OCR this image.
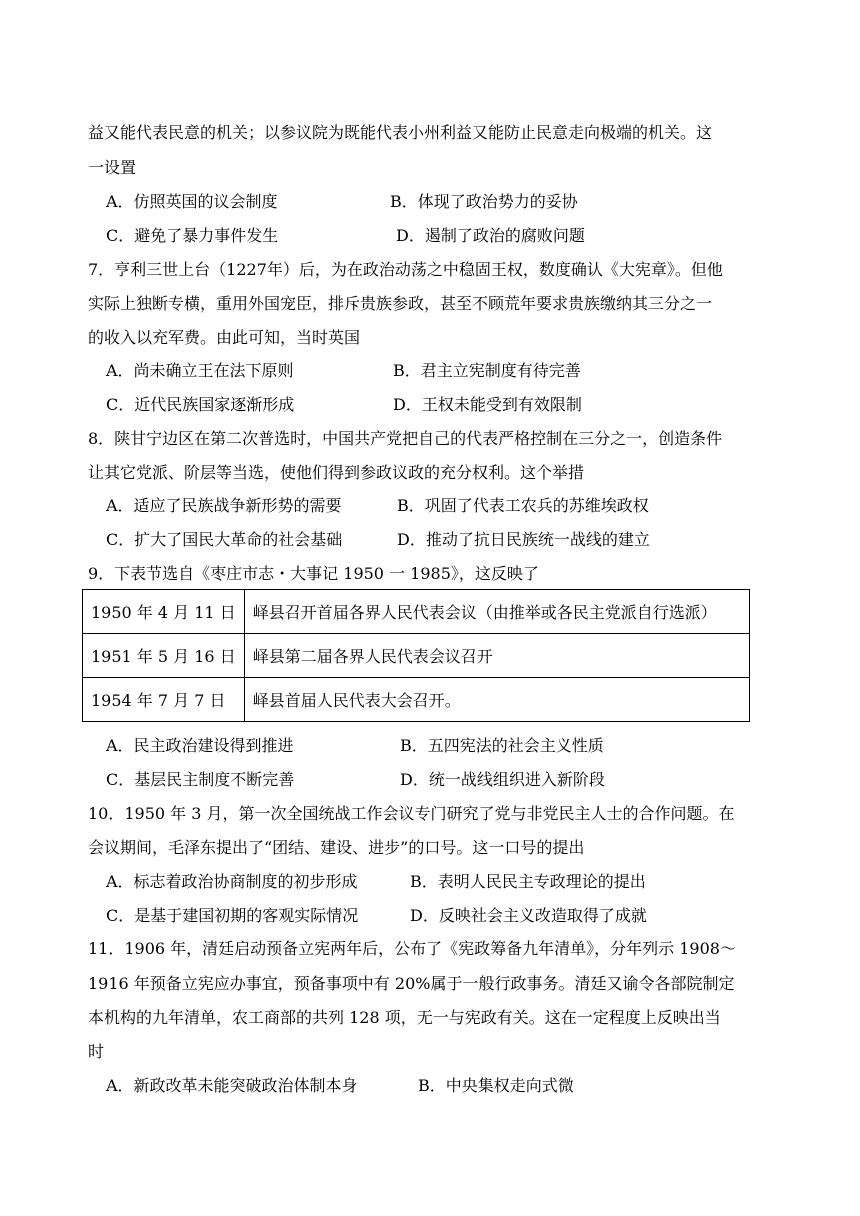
益又能代表民意的机关；以参议院为既能代表小州利益又能防止民意走向极端的机关。这
一设置
A．仿照英国的议会制度	B．体现了政治势力的妥协
C．避免了暴力事件发生	D．遏制了政治的腐败问题
7．亨利三世上台（1227年）后，为在政治动荡之中稳固王权，数度确认《大宪章》。但他
实际上独断专横，重用外国宠臣，排斥贵族参政，甚至不顾荒年要求贵族缴纳其三分之一
的收入以充军费。由此可知，当时英国
A．尚未确立王在法下原则	B．君主立宪制度有待完善
C．近代民族国家逐渐形成	D．王权未能受到有效限制
8．陕甘宁边区在第二次普选时，中国共产党把自己的代表严格控制在三分之一，创造条件
让其它党派、阶层等当选，使他们得到参政议政的充分权利。这个举措
A．适应了民族战争新形势的需要	B．巩固了代表工农兵的苏维埃政权
C．扩大了国民大革命的社会基础	D．推动了抗日民族统一战线的建立
9．下表节选自《枣庄市志・大事记 1950 一 1985》，这反映了
1950 年 4 月 11 日	峄县召开首届各界人民代表会议（由推举或各民主党派自行选派）
1951 年 5 月 16 日	峄县第二届各界人民代表会议召开
1954 年 7 月 7 日	峄县首届人民代表大会召开。
A．民主政治建设得到推进	B．五四宪法的社会主义性质
C．基层民主制度不断完善	D．统一战线组织进入新阶段
10．1950 年 3 月，第一次全国统战工作会议专门研究了党与非党民主人士的合作问题。在
会议期间，毛泽东提出了“团结、建设、进步”的口号。这一口号的提出
A．标志着政治协商制度的初步形成	B．表明人民民主专政理论的提出
C．是基于建国初期的客观实际情况	D．反映社会主义改造取得了成就
11．1906 年，清廷启动预备立宪两年后，公布了《宪政筹备九年清单》，分年列示 1908～
1916 年预备立宪应办事宜，预备事项中有 20%属于一般行政事务。清廷又谕令各部院制定
本机构的九年清单，农工商部的共列 128 项，无一与宪政有关。这在一定程度上反映出当
时
A．新政改革未能突破政治体制本身	B．中央集权走向式微
